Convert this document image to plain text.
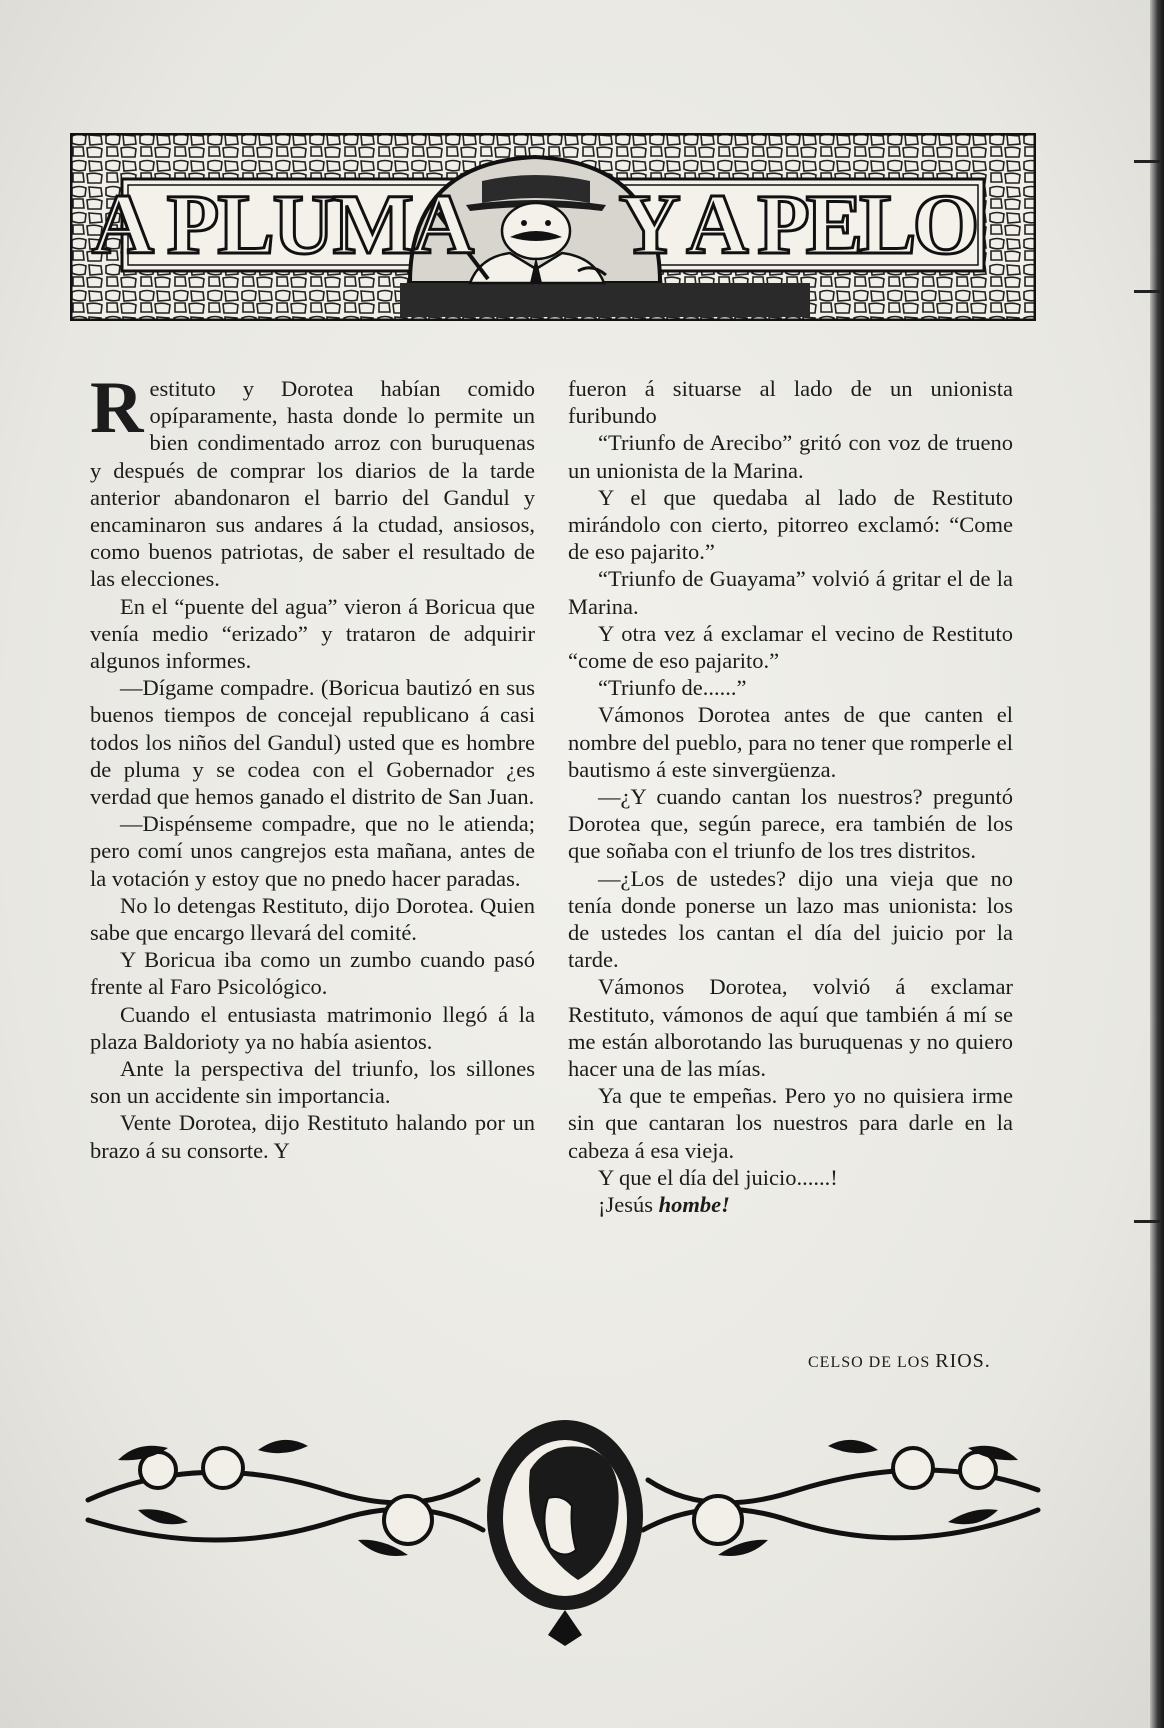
A PLUMA Y A PELO

Restituto y Dorotea habían comido opíparamente, hasta donde lo permite un bien condimentado arroz con buruquenas y después de comprar los diarios de la tarde anterior abandonaron el barrio del Gandul y encaminaron sus andares á la ctudad, ansiosos, como buenos patriotas, de saber el resultado de las elecciones.

En el “puente del agua” vieron á Boricua que venía medio “erizado” y trataron de adquirir algunos informes.

—Dígame compadre. (Boricua bautizó en sus buenos tiempos de concejal republicano á casi todos los niños del Gandul) usted que es hombre de pluma y se codea con el Gobernador ¿es verdad que hemos ganado el distrito de San Juan.

—Dispénseme compadre, que no le atienda; pero comí unos cangrejos esta mañana, antes de la votación y estoy que no pnedo hacer paradas.

No lo detengas Restituto, dijo Dorotea. Quien sabe que encargo llevará del comité.

Y Boricua iba como un zumbo cuando pasó frente al Faro Psicológico.

Cuando el entusiasta matrimonio llegó á la plaza Baldorioty ya no había asientos.

Ante la perspectiva del triunfo, los sillones son un accidente sin importancia.

Vente Dorotea, dijo Restituto halando por un brazo á su consorte. Y

fueron á situarse al lado de un unionista furibundo

“Triunfo de Arecibo” gritó con voz de trueno un unionista de la Marina.

Y el que quedaba al lado de Restituto mirándolo con cierto, pitorreo exclamó: “Come de eso pajarito.”

“Triunfo de Guayama” volvió á gritar el de la Marina.

Y otra vez á exclamar el vecino de Restituto “come de eso pajarito.”

“Triunfo de......”

Vámonos Dorotea antes de que canten el nombre del pueblo, para no tener que romperle el bautismo á este sinvergüenza.

—¿Y cuando cantan los nuestros? preguntó Dorotea que, según parece, era también de los que soñaba con el triunfo de los tres distritos.

—¿Los de ustedes? dijo una vieja que no tenía donde ponerse un lazo mas unionista: los de ustedes los cantan el día del juicio por la tarde.

Vámonos Dorotea, volvió á exclamar Restituto, vámonos de aquí que también á mí se me están alborotando las buruquenas y no quiero hacer una de las mías.

Ya que te empeñas. Pero yo no quisiera irme sin que cantaran los nuestros para darle en la cabeza á esa vieja.

Y que el día del juicio......!

¡Jesús hombe!

CELSO DE LOS RIOS.
